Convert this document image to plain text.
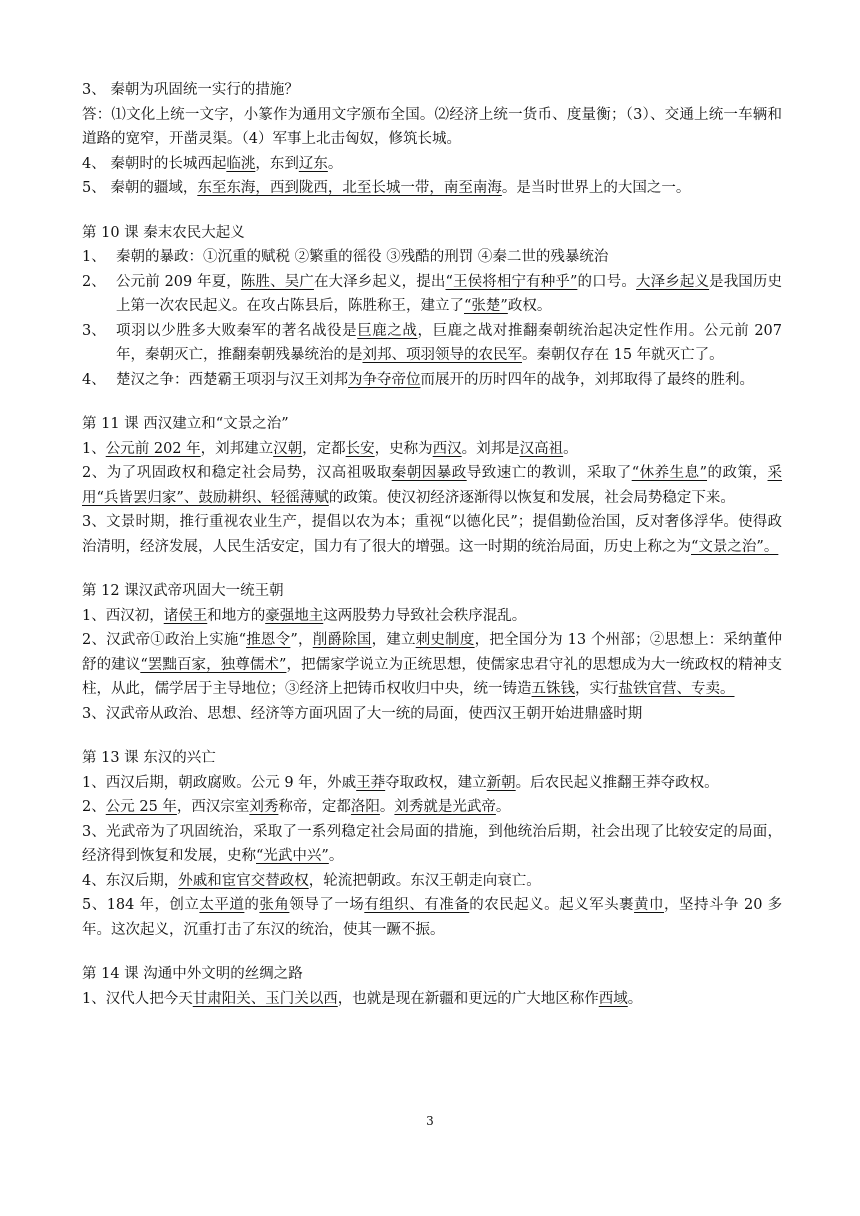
3、 秦朝为巩固统一实行的措施？

答：⑴文化上统一文字，小篆作为通用文字颁布全国。⑵经济上统一货币、度量衡；（3）、交通上统一车辆和道路的宽窄，开凿灵渠。（4）军事上北击匈奴，修筑长城。

4、 秦朝时的长城西起临洮，东到辽东。

5、 秦朝的疆域，东至东海，西到陇西，北至长城一带，南至南海。是当时世界上的大国之一。

第 10 课 秦末农民大起义

1、 秦朝的暴政：①沉重的赋税 ②繁重的徭役 ③残酷的刑罚 ④秦二世的残暴统治
2、 公元前 209 年夏，陈胜、吴广在大泽乡起义，提出“王侯将相宁有种乎”的口号。大泽乡起义是我国历史上第一次农民起义。在攻占陈县后，陈胜称王，建立了“张楚”政权。
3、 项羽以少胜多大败秦军的著名战役是巨鹿之战，巨鹿之战对推翻秦朝统治起决定性作用。公元前 207 年，秦朝灭亡，推翻秦朝残暴统治的是刘邦、项羽领导的农民军。秦朝仅存在 15 年就灭亡了。
4、 楚汉之争：西楚霸王项羽与汉王刘邦为争夺帝位而展开的历时四年的战争，刘邦取得了最终的胜利。

第 11 课 西汉建立和“文景之治”

1、公元前 202 年，刘邦建立汉朝，定都长安，史称为西汉。刘邦是汉高祖。

2、为了巩固政权和稳定社会局势，汉高祖吸取秦朝因暴政导致速亡的教训，采取了“休养生息”的政策，采用“兵皆罢归家”、鼓励耕织、轻徭薄赋的政策。使汉初经济逐渐得以恢复和发展，社会局势稳定下来。

3、文景时期，推行重视农业生产，提倡以农为本；重视“以德化民”；提倡勤俭治国，反对奢侈浮华。使得政治清明，经济发展，人民生活安定，国力有了很大的增强。这一时期的统治局面，历史上称之为“文景之治”。

第 12 课汉武帝巩固大一统王朝

1、西汉初，诸侯王和地方的豪强地主这两股势力导致社会秩序混乱。

2、汉武帝①政治上实施“推恩令”，削爵除国，建立刺史制度，把全国分为 13 个州部；②思想上：采纳董仲舒的建议“罢黜百家，独尊儒术”，把儒家学说立为正统思想，使儒家忠君守礼的思想成为大一统政权的精神支柱，从此，儒学居于主导地位；③经济上把铸币权收归中央，统一铸造五铢钱，实行盐铁官营、专卖。

3、汉武帝从政治、思想、经济等方面巩固了大一统的局面，使西汉王朝开始进鼎盛时期

第 13 课 东汉的兴亡

1、西汉后期，朝政腐败。公元 9 年，外戚王莽夺取政权，建立新朝。后农民起义推翻王莽夺政权。

2、公元 25 年，西汉宗室刘秀称帝，定都洛阳。刘秀就是光武帝。

3、光武帝为了巩固统治，采取了一系列稳定社会局面的措施，到他统治后期，社会出现了比较安定的局面，经济得到恢复和发展，史称“光武中兴”。

4、东汉后期，外戚和宦官交替政权，轮流把朝政。东汉王朝走向衰亡。

5、184 年，创立太平道的张角领导了一场有组织、有准备的农民起义。起义军头裹黄巾，坚持斗争 20 多年。这次起义，沉重打击了东汉的统治，使其一蹶不振。

第 14 课 沟通中外文明的丝绸之路

1、汉代人把今天甘肃阳关、玉门关以西，也就是现在新疆和更远的广大地区称作西域。

3
